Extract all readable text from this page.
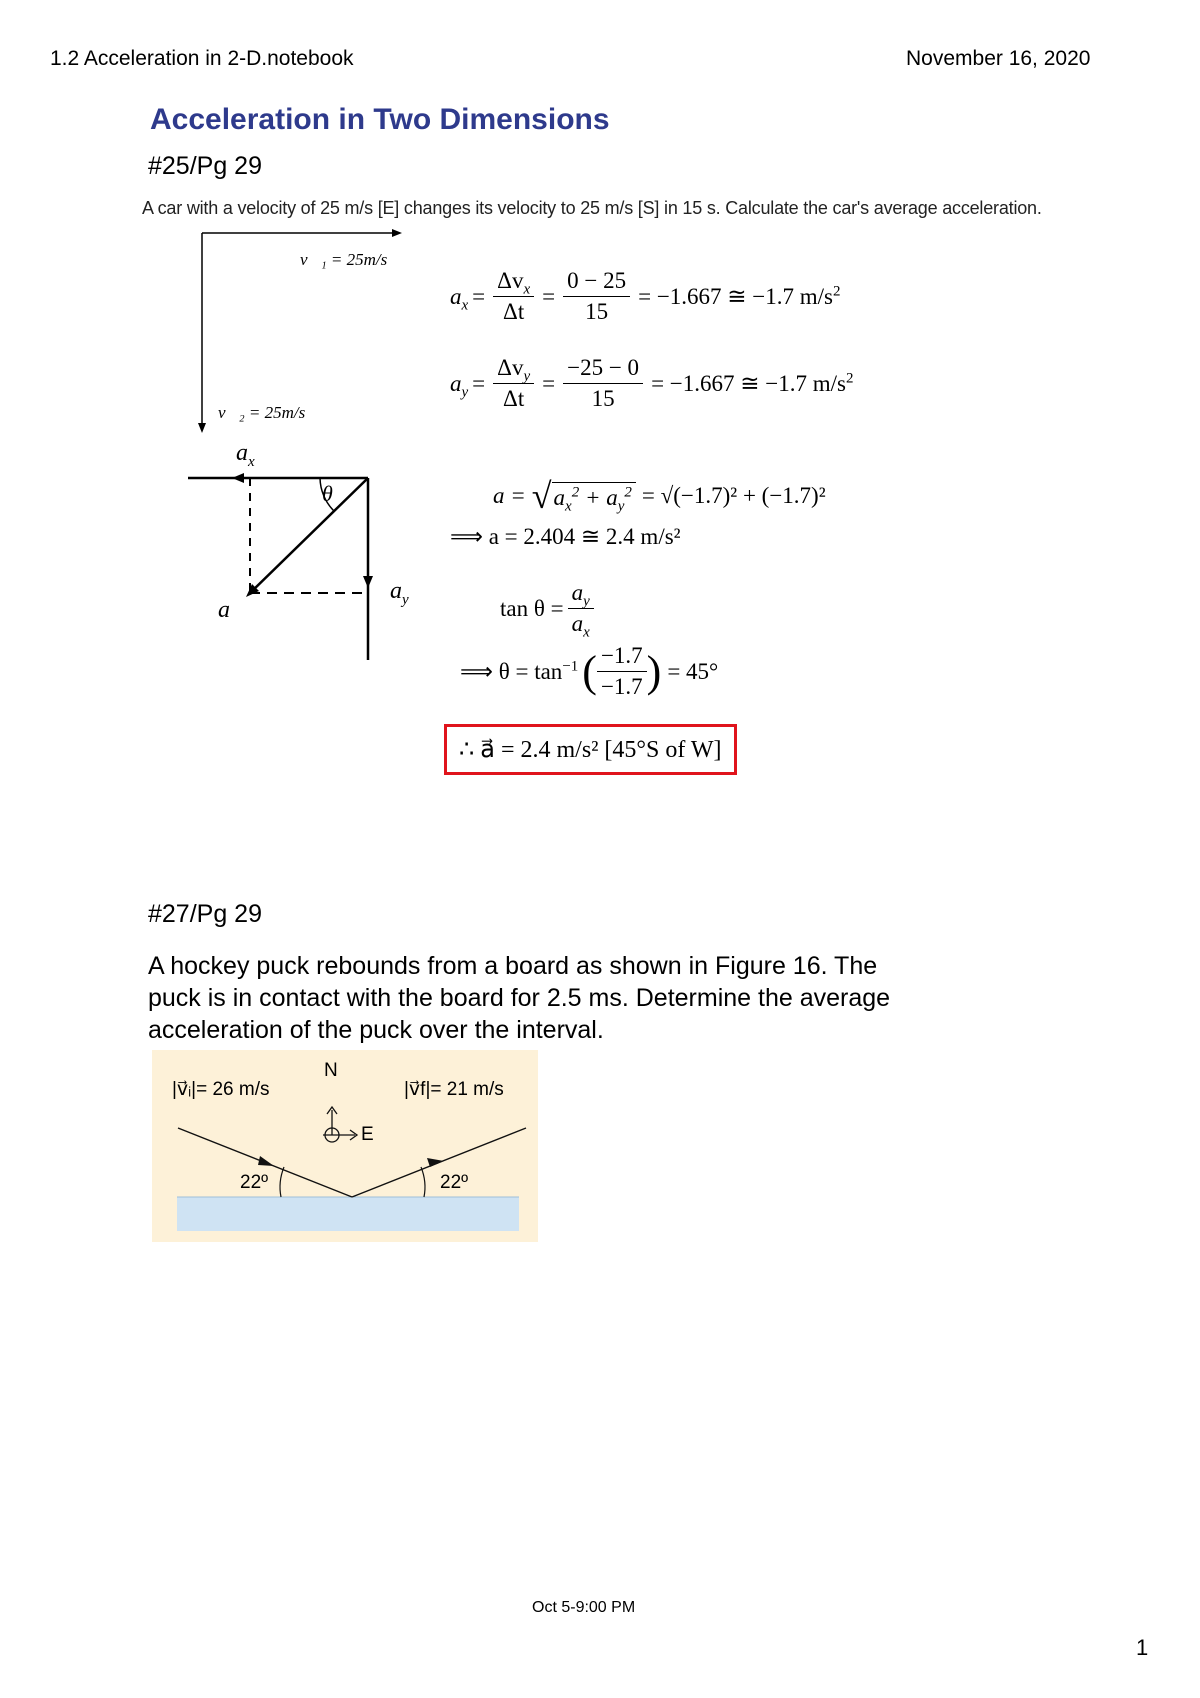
1.2 Acceleration in 2-D.notebook	November 16, 2020
Acceleration in Two Dimensions
#25/Pg 29
A car with a velocity of 25 m/s [E] changes its velocity to 25 m/s [S] in 15 s. Calculate the car's average acceleration.
v⃗₁ = 25m/s
v⃗₂ = 25m/s
$a_x$
θ
$a_y$
a⃗
$a_x = \frac{\Delta v_x}{\Delta t} = \frac{0 - 25}{15} = -1.667$ ≅ −1.7 $m/s^2$
$a_y = \frac{\Delta v_y}{\Delta t} = \frac{-25 - 0}{15} = -1.667$ ≅ −1.7 $m/s^2$
a = √ $a_x^2 + a_y^2 = √(-1.7)^2 + (-1.7)^2$
⟹ a = 2.404 ≅ 2.4 m/s²
$\tan \theta = \frac{a_y}{a_x}$
⟹ $\theta = \tan^{-1}$ ( $\frac{-1.7}{-1.7}$ ) = 45°
∴ a⃗ = 2.4 m/s² [45°S of W]
#27/Pg 29
A hockey puck rebounds from a board as shown in Figure 16. The
puck is in contact with the board for 2.5 ms. Determine the average
acceleration of the puck over the interval.
|v⃗ᵢ|= 26 m/s	|v⃗f|= 21 m/s
N
E
22º	22º
Oct 5-9:00 PM
1
